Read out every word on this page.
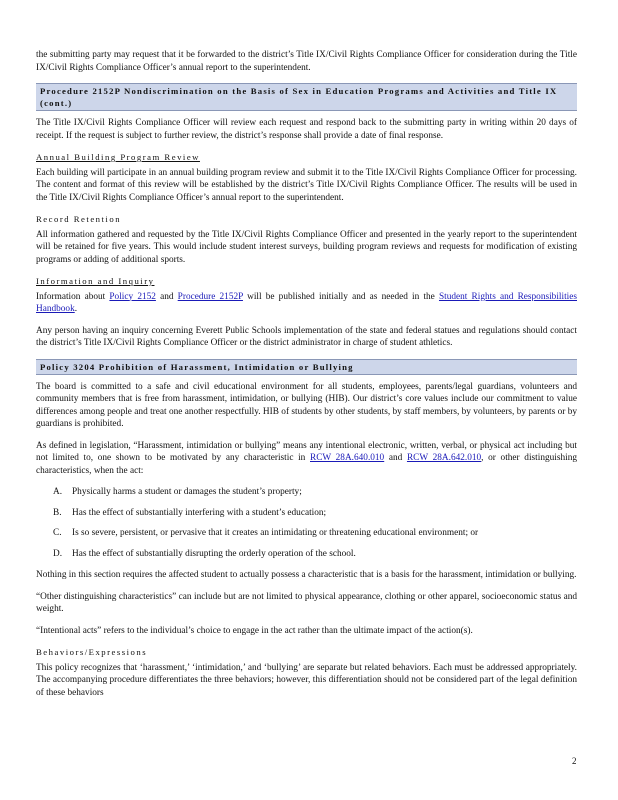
the submitting party may request that it be forwarded to the district’s Title IX/Civil Rights Compliance Officer for consideration during the Title IX/Civil Rights Compliance Officer’s annual report to the superintendent.

Procedure 2152P Nondiscrimination on the Basis of Sex in Education Programs and Activities and Title IX (cont.)

The Title IX/Civil Rights Compliance Officer will review each request and respond back to the submitting party in writing within 20 days of receipt. If the request is subject to further review, the district’s response shall provide a date of final response.

Annual Building Program Review

Each building will participate in an annual building program review and submit it to the Title IX/Civil Rights Compliance Officer for processing. The content and format of this review will be established by the district’s Title IX/Civil Rights Compliance Officer. The results will be used in the Title IX/Civil Rights Compliance Officer’s annual report to the superintendent.

Record Retention

All information gathered and requested by the Title IX/Civil Rights Compliance Officer and presented in the yearly report to the superintendent will be retained for five years. This would include student interest surveys, building program reviews and requests for modification of existing programs or adding of additional sports.

Information and Inquiry

Information about Policy 2152 and Procedure 2152P will be published initially and as needed in the Student Rights and Responsibilities Handbook.

Any person having an inquiry concerning Everett Public Schools implementation of the state and federal statues and regulations should contact the district’s Title IX/Civil Rights Compliance Officer or the district administrator in charge of student athletics.

Policy 3204 Prohibition of Harassment, Intimidation or Bullying

The board is committed to a safe and civil educational environment for all students, employees, parents/legal guardians, volunteers and community members that is free from harassment, intimidation, or bullying (HIB). Our district’s core values include our commitment to value differences among people and treat one another respectfully. HIB of students by other students, by staff members, by volunteers, by parents or by guardians is prohibited.

As defined in legislation, “Harassment, intimidation or bullying” means any intentional electronic, written, verbal, or physical act including but not limited to, one shown to be motivated by any characteristic in RCW 28A.640.010 and RCW 28A.642.010, or other distinguishing characteristics, when the act:

A.	Physically harms a student or damages the student’s property;
B.	Has the effect of substantially interfering with a student’s education;
C.	Is so severe, persistent, or pervasive that it creates an intimidating or threatening educational environment; or
D.	Has the effect of substantially disrupting the orderly operation of the school.

Nothing in this section requires the affected student to actually possess a characteristic that is a basis for the harassment, intimidation or bullying.

“Other distinguishing characteristics” can include but are not limited to physical appearance, clothing or other apparel, socioeconomic status and weight.

“Intentional acts” refers to the individual’s choice to engage in the act rather than the ultimate impact of the action(s).

Behaviors/Expressions

This policy recognizes that ‘harassment,’ ‘intimidation,’ and ‘bullying’ are separate but related behaviors. Each must be addressed appropriately. The accompanying procedure differentiates the three behaviors; however, this differentiation should not be considered part of the legal definition of these behaviors

2
